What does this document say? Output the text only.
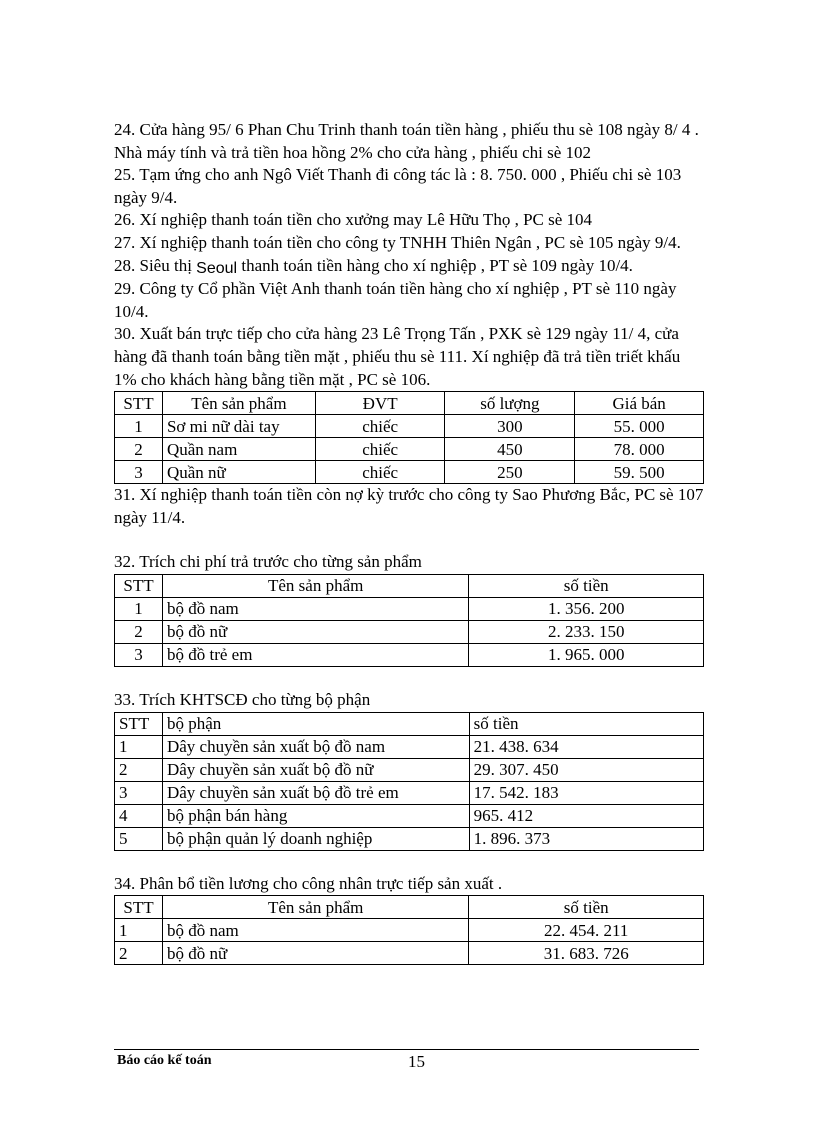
24. Cửa hàng 95/ 6 Phan Chu Trinh thanh toán tiền hàng , phiếu thu sè 108 ngày 8/ 4 . Nhà máy tính và trả tiền hoa hồng 2% cho cửa hàng , phiếu chi sè 102

25. Tạm ứng cho anh Ngô Viết Thanh đi công tác là : 8. 750. 000 , Phiếu chi sè 103 ngày 9/4.

26. Xí nghiệp thanh toán tiền cho xưởng may Lê Hữu Thọ , PC sè 104

27. Xí nghiệp thanh toán tiền cho công ty TNHH Thiên Ngân , PC sè 105 ngày 9/4.

28. Siêu thị Seoul thanh toán tiền hàng cho xí nghiệp , PT sè 109 ngày 10/4.

29. Công ty Cổ phần Việt Anh thanh toán tiền hàng cho xí nghiệp , PT sè 110 ngày 10/4.

30. Xuất bán trực tiếp cho cửa hàng 23 Lê Trọng Tấn , PXK sè 129 ngày 11/ 4, cửa hàng đã thanh toán bằng tiền mặt , phiếu thu sè 111. Xí nghiệp đã trả tiền triết khấu 1% cho khách hàng bằng tiền mặt , PC sè 106.

STT	Tên sản phẩm	ĐVT	số lượng	Giá bán
1	Sơ mi nữ dài tay	chiếc	300	55. 000
2	Quần nam	chiếc	450	78. 000
3	Quần nữ	chiếc	250	59. 500

31. Xí nghiệp thanh toán tiền còn nợ kỳ trước cho công ty Sao Phương Bắc, PC sè 107 ngày 11/4.

32. Trích chi phí trả trước cho từng sản phẩm

STT	Tên sản phẩm	số tiền
1	bộ đồ nam	1. 356. 200
2	bộ đồ nữ	2. 233. 150
3	bộ đồ trẻ em	1. 965. 000

33. Trích KHTSCĐ cho từng bộ phận

STT	bộ phận	số tiền
1	Dây chuyền sản xuất bộ đồ nam	21. 438. 634
2	Dây chuyền sản xuất bộ đồ nữ	29. 307. 450
3	Dây chuyền sản xuất bộ đồ trẻ em	17. 542. 183
4	bộ phận bán hàng	965. 412
5	bộ phận quản lý doanh nghiệp	1. 896. 373

34. Phân bổ tiền lương cho công nhân trực tiếp sản xuất .

STT	Tên sản phẩm	số tiền
1	bộ đồ nam	22. 454. 211
2	bộ đồ nữ	31. 683. 726
Báo cáo kế toán	15
